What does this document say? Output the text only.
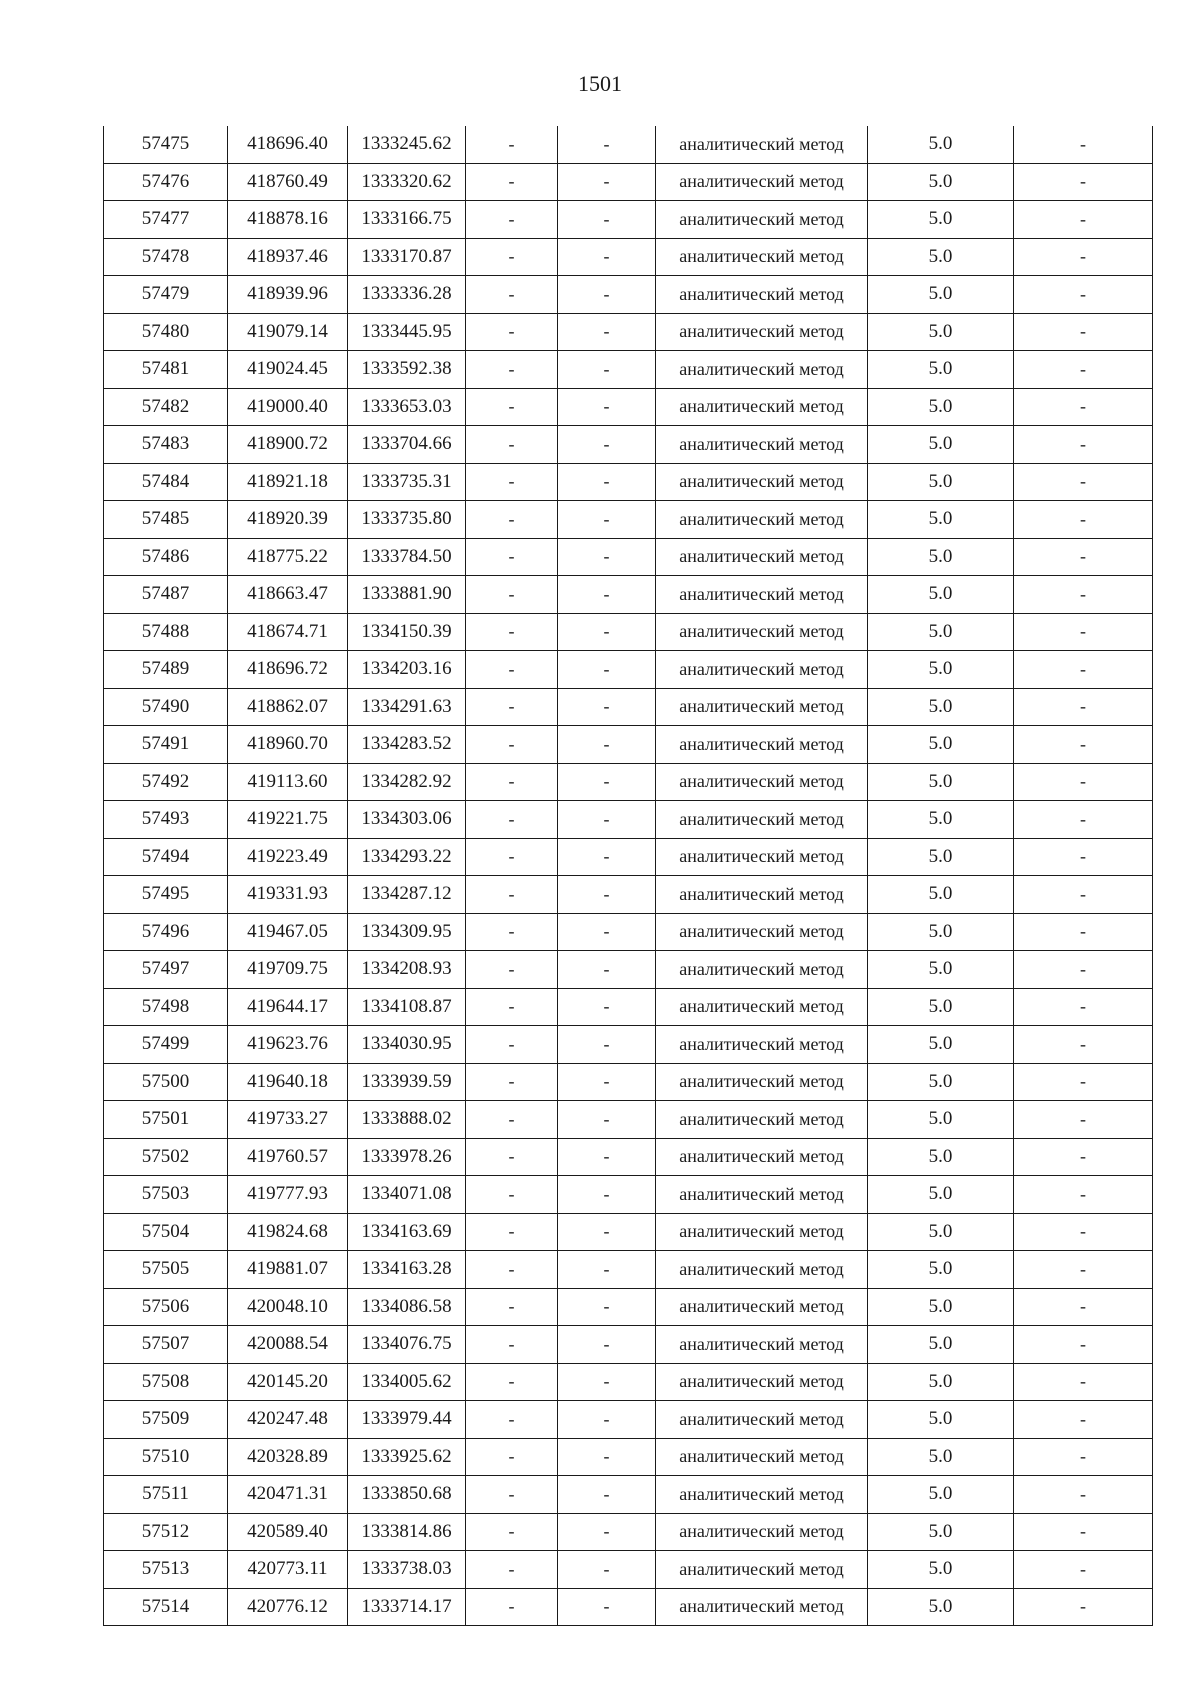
1501
57475	418696.40	1333245.62	-	-	аналитический метод	5.0	-
57476	418760.49	1333320.62	-	-	аналитический метод	5.0	-
57477	418878.16	1333166.75	-	-	аналитический метод	5.0	-
57478	418937.46	1333170.87	-	-	аналитический метод	5.0	-
57479	418939.96	1333336.28	-	-	аналитический метод	5.0	-
57480	419079.14	1333445.95	-	-	аналитический метод	5.0	-
57481	419024.45	1333592.38	-	-	аналитический метод	5.0	-
57482	419000.40	1333653.03	-	-	аналитический метод	5.0	-
57483	418900.72	1333704.66	-	-	аналитический метод	5.0	-
57484	418921.18	1333735.31	-	-	аналитический метод	5.0	-
57485	418920.39	1333735.80	-	-	аналитический метод	5.0	-
57486	418775.22	1333784.50	-	-	аналитический метод	5.0	-
57487	418663.47	1333881.90	-	-	аналитический метод	5.0	-
57488	418674.71	1334150.39	-	-	аналитический метод	5.0	-
57489	418696.72	1334203.16	-	-	аналитический метод	5.0	-
57490	418862.07	1334291.63	-	-	аналитический метод	5.0	-
57491	418960.70	1334283.52	-	-	аналитический метод	5.0	-
57492	419113.60	1334282.92	-	-	аналитический метод	5.0	-
57493	419221.75	1334303.06	-	-	аналитический метод	5.0	-
57494	419223.49	1334293.22	-	-	аналитический метод	5.0	-
57495	419331.93	1334287.12	-	-	аналитический метод	5.0	-
57496	419467.05	1334309.95	-	-	аналитический метод	5.0	-
57497	419709.75	1334208.93	-	-	аналитический метод	5.0	-
57498	419644.17	1334108.87	-	-	аналитический метод	5.0	-
57499	419623.76	1334030.95	-	-	аналитический метод	5.0	-
57500	419640.18	1333939.59	-	-	аналитический метод	5.0	-
57501	419733.27	1333888.02	-	-	аналитический метод	5.0	-
57502	419760.57	1333978.26	-	-	аналитический метод	5.0	-
57503	419777.93	1334071.08	-	-	аналитический метод	5.0	-
57504	419824.68	1334163.69	-	-	аналитический метод	5.0	-
57505	419881.07	1334163.28	-	-	аналитический метод	5.0	-
57506	420048.10	1334086.58	-	-	аналитический метод	5.0	-
57507	420088.54	1334076.75	-	-	аналитический метод	5.0	-
57508	420145.20	1334005.62	-	-	аналитический метод	5.0	-
57509	420247.48	1333979.44	-	-	аналитический метод	5.0	-
57510	420328.89	1333925.62	-	-	аналитический метод	5.0	-
57511	420471.31	1333850.68	-	-	аналитический метод	5.0	-
57512	420589.40	1333814.86	-	-	аналитический метод	5.0	-
57513	420773.11	1333738.03	-	-	аналитический метод	5.0	-
57514	420776.12	1333714.17	-	-	аналитический метод	5.0	-
